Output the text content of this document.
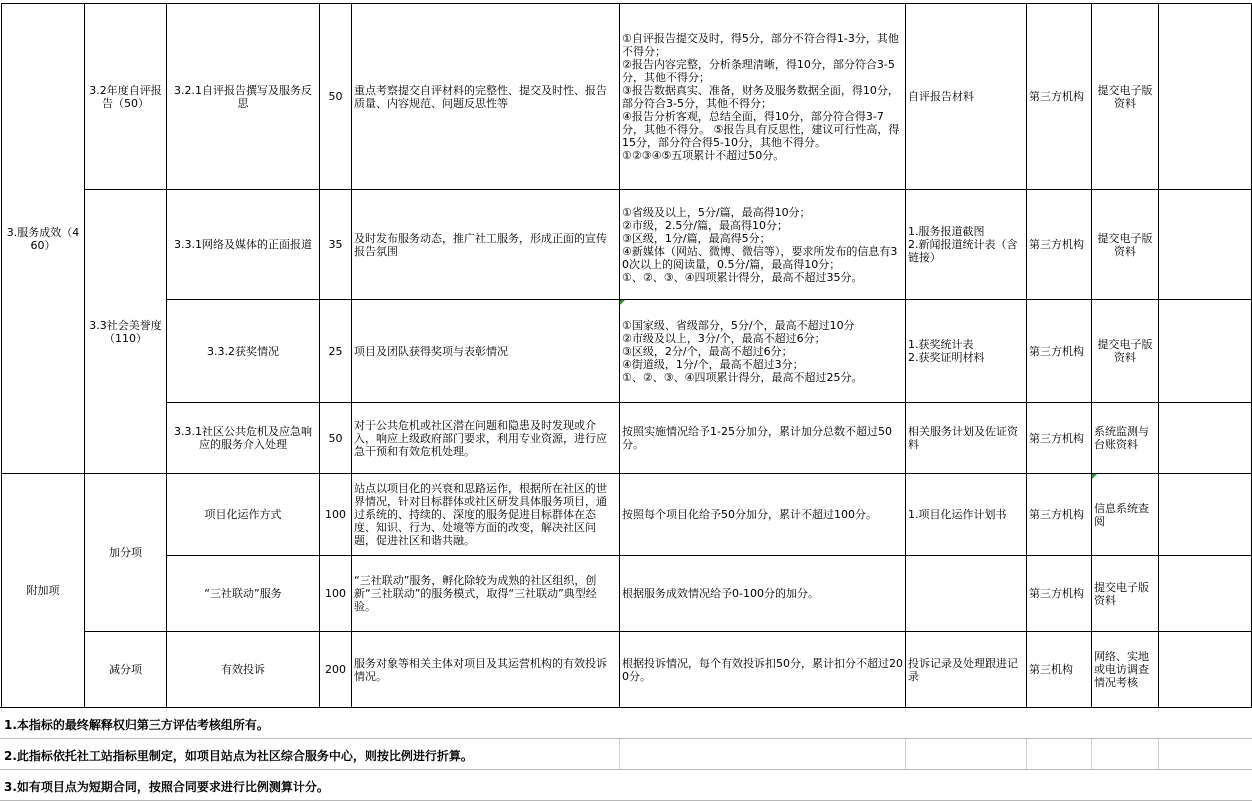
3.服务成效（460）	3.2年度自评报告（50）	3.2.1自评报告撰写及服务反思	50	重点考察提交自评材料的完整性、提交及时性、报告质量、内容规范、问题反思性等	①自评报告提交及时，得5分，部分不符合得1-3分，其他不得分；
②报告内容完整，分析条理清晰，得10分，部分符合3-5分，其他不得分；
③报告数据真实、准备，财务及服务数据全面，得10分，部分符合3-5分，其他不得分；
④报告分析客观，总结全面，得10分，部分符合得3-7分，其他不得分。 ⑤报告具有反思性，建议可行性高，得15分，部分符合得5-10分，其他不得分。
①②③④⑤五项累计不超过50分。	自评报告材料	第三方机构	提交电子版资料	
	3.3社会美誉度（110）	3.3.1网络及媒体的正面报道	35	及时发布服务动态，推广社工服务，形成正面的宣传报告氛围	①省级及以上，5分/篇，最高得10分；
②市级，2.5分/篇，最高得10分；
③区级，1分/篇，最高得5分；
④新媒体（网站、微博、微信等），要求所发布的信息有30次以上的阅读量，0.5分/篇，最高得10分；
①、②、③、④四项累计得分，最高不超过35分。	1.服务报道截图
2.新闻报道统计表（含链接）	第三方机构	提交电子版资料	
		3.3.2获奖情况	25	项目及团队获得奖项与表彰情况	①国家级、省级部分，5分/个，最高不超过10分
②市级及以上，3分/个，最高不超过6分；
③区级，2分/个，最高不超过6分；
④街道级，1分/个，最高不超过3分；
①、②、③、④四项累计得分，最高不超过25分。	1.获奖统计表
2.获奖证明材料	第三方机构	提交电子版资料	
		3.3.1社区公共危机及应急响应的服务介入处理	50	对于公共危机或社区潜在问题和隐患及时发现或介入，响应上级政府部门要求，利用专业资源，进行应急干预和有效危机处理。	按照实施情况给予1-25分加分，累计加分总数不超过50分。	相关服务计划及佐证资料	第三方机构	系统监测与台账资料	
附加项	加分项	项目化运作方式	100	站点以项目化的兴衰和思路运作，根据所在社区的世界情况，针对目标群体或社区研发具体服务项目，通过系统的、持续的、深度的服务促进目标群体在态度、知识、行为、处境等方面的改变，解决社区问题，促进社区和谐共融。	按照每个项目化给予50分加分，累计不超过100分。	1.项目化运作计划书	第三方机构	信息系统查阅	
		“三社联动”服务	100	“三社联动”服务，孵化除较为成熟的社区组织，创新“三社联动”的服务模式，取得“三社联动”典型经验。	根据服务成效情况给予0-100分的加分。		第三方机构	提交电子版资料	
	减分项	有效投诉	200	服务对象等相关主体对项目及其运营机构的有效投诉情况。	根据投诉情况，每个有效投诉扣50分，累计扣分不超过200分。	投诉记录及处理跟进记录	第三机构	网络、实地或电访调查情况考核	
1.本指标的最终解释权归第三方评估考核组所有。
2.此指标依托社工站指标里制定，如项目站点为社区综合服务中心，则按比例进行折算。
3.如有项目点为短期合同，按照合同要求进行比例测算计分。
